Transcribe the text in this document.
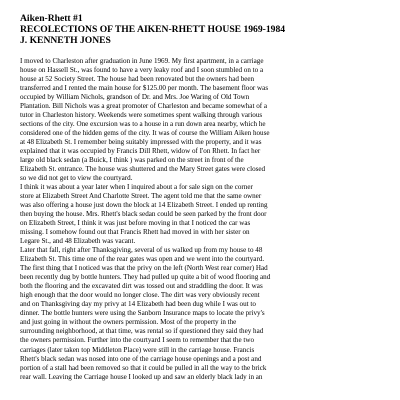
Aiken-Rhett #1
RECOLECTIONS OF THE AIKEN-RHETT HOUSE 1969-1984
J. KENNETH JONES
I moved to Charleston after graduation in June 1969. My first apartment, in a carriage
house on Hassell St., was found to have a very leaky roof and I soon stumbled on to a
house at 52 Society Street. The house had been renovated but the owners had been
transferred and I rented the main house for $125.00 per month. The basement floor was
occupied by William Nichols, grandson of Dr. and Mrs. Joe Waring of Old Town
Plantation. Bill Nichols was a great promoter of Charleston and became somewhat of a
tutor in Charleston history. Weekends were sometimes spent walking through various
sections of the city. One excursion was to a house in a run down area nearby, which he
considered one of the hidden gems of the city. It was of course the William Aiken house
at 48 Elizabeth St. I remember being suitably impressed with the property, and it was
explained that it was occupied by Francis Dill Rhett, widow of I'on Rhett. In fact her
large old black sedan (a Buick, I think ) was parked on the street in front of the
Elizabeth St. entrance. The house was shuttered and the Mary Street gates were closed
so we did not get to view the courtyard.
I think it was about a year later when I inquired about a for sale sign on the corner
store at Elizabeth Street And Charlotte Street. The agent told me that the same owner
was also offering a house just down the block at 14 Elizabeth Street. I ended up renting
then buying the house. Mrs. Rhett's black sedan could be seen parked by the front door
on Elizabeth Street, I think it was just before moving in that I noticed the car was
missing. I somehow found out that Francis Rhett had moved in with her sister on
Legare St., and 48 Elizabeth was vacant.
Later that fall, right after Thanksgiving, several of us walked up from my house to 48
Elizabeth St. This time one of the rear gates was open and we went into the courtyard.
The first thing that I noticed was that the privy on the left (North West rear corner) Had
been recently dug by bottle hunters. They had pulled up quite a bit of wood flooring and
both the flooring and the excavated dirt was tossed out and straddling the door. It was
high enough that the door would no longer close. The dirt was very obviously recent
and on Thanksgiving day my privy at 14 Elizabeth had been dug while I was out to
dinner. The bottle hunters were using the Sanborn Insurance maps to locate the privy's
and just going in without the owners permission. Most of the property in the
surrounding neighborhood, at that time, was rental so if questioned they said they had
the owners permission. Further into the courtyard I seem to remember that the two
carriages (later taken top Middleton Place) were still in the carriage house. Francis
Rhett's black sedan was nosed into one of the carriage house openings and a post and
portion of a stall had been removed so that it could be pulled in all the way to the brick
rear wall. Leaving the Carriage house I looked up and saw an elderly black lady in an
